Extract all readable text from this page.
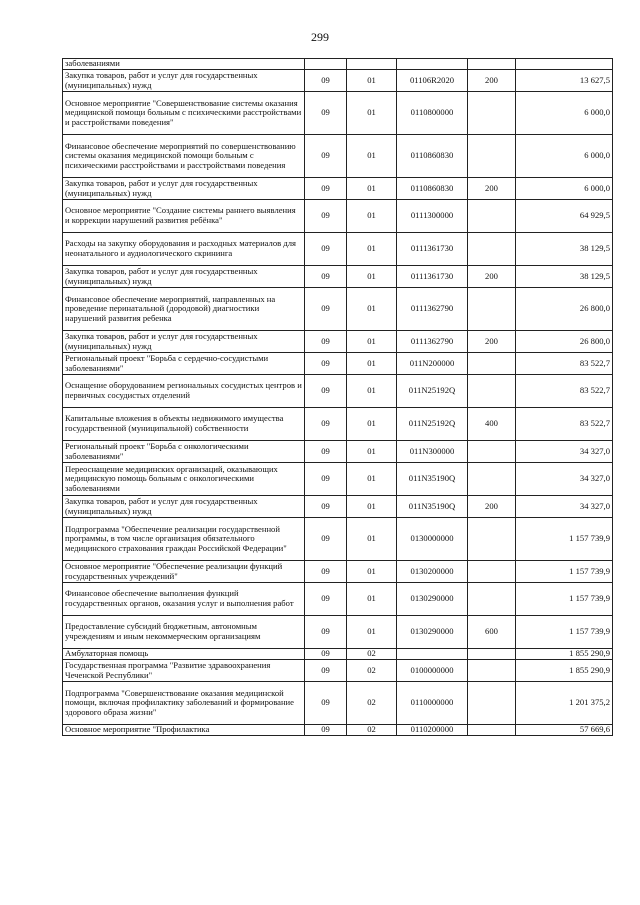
299
заболеваниями					
Закупка товаров, работ и услуг для государственных (муниципальных) нужд	09	01	01106R2020	200	13 627,5
Основное мероприятие "Совершенствование системы оказания медицинской помощи больным с психическими расстройствами и расстройствами поведения"	09	01	0110800000		6 000,0
Финансовое обеспечение мероприятий по совершенствованию системы оказания медицинской помощи больным с психическими расстройствами и расстройствами поведения	09	01	0110860830		6 000,0
Закупка товаров, работ и услуг для государственных (муниципальных) нужд	09	01	0110860830	200	6 000,0
Основное мероприятие "Создание системы раннего выявления и коррекции нарушений развития ребёнка"	09	01	0111300000		64 929,5
Расходы на закупку оборудования и расходных материалов для неонатального и аудиологического скрининга	09	01	0111361730		38 129,5
Закупка товаров, работ и услуг для государственных (муниципальных) нужд	09	01	0111361730	200	38 129,5
Финансовое обеспечение мероприятий, направленных на проведение перинатальной (дородовой) диагностики нарушений развития ребенка	09	01	0111362790		26 800,0
Закупка товаров, работ и услуг для государственных (муниципальных) нужд	09	01	0111362790	200	26 800,0
Региональный проект "Борьба с сердечно-сосудистыми заболеваниями"	09	01	011N200000		83 522,7
Оснащение оборудованием региональных сосудистых центров и первичных сосудистых отделений	09	01	011N25192Q		83 522,7
Капитальные вложения в объекты недвижимого имущества государственной (муниципальной) собственности	09	01	011N25192Q	400	83 522,7
Региональный проект "Борьба с онкологическими заболеваниями"	09	01	011N300000		34 327,0
Переоснащение медицинских организаций, оказывающих медицинскую помощь больным с онкологическими заболеваниями	09	01	011N35190Q		34 327,0
Закупка товаров, работ и услуг для государственных (муниципальных) нужд	09	01	011N35190Q	200	34 327,0
Подпрограмма "Обеспечение реализации государственной программы, в том числе организация обязательного медицинского страхования граждан Российской Федерации"	09	01	0130000000		1 157 739,9
Основное мероприятие "Обеспечение реализации функций государственных учреждений"	09	01	0130200000		1 157 739,9
Финансовое обеспечение выполнения функций государственных органов, оказания услуг и выполнения работ	09	01	0130290000		1 157 739,9
Предоставление субсидий бюджетным, автономным учреждениям и иным некоммерческим организациям	09	01	0130290000	600	1 157 739,9
Амбулаторная помощь	09	02			1 855 290,9
Государственная программа "Развитие здравоохранения Чеченской Республики"	09	02	0100000000		1 855 290,9
Подпрограмма "Совершенствование оказания медицинской помощи, включая профилактику заболеваний и формирование здорового образа жизни"	09	02	0110000000		1 201 375,2
Основное мероприятие "Профилактика	09	02	0110200000		57 669,6
